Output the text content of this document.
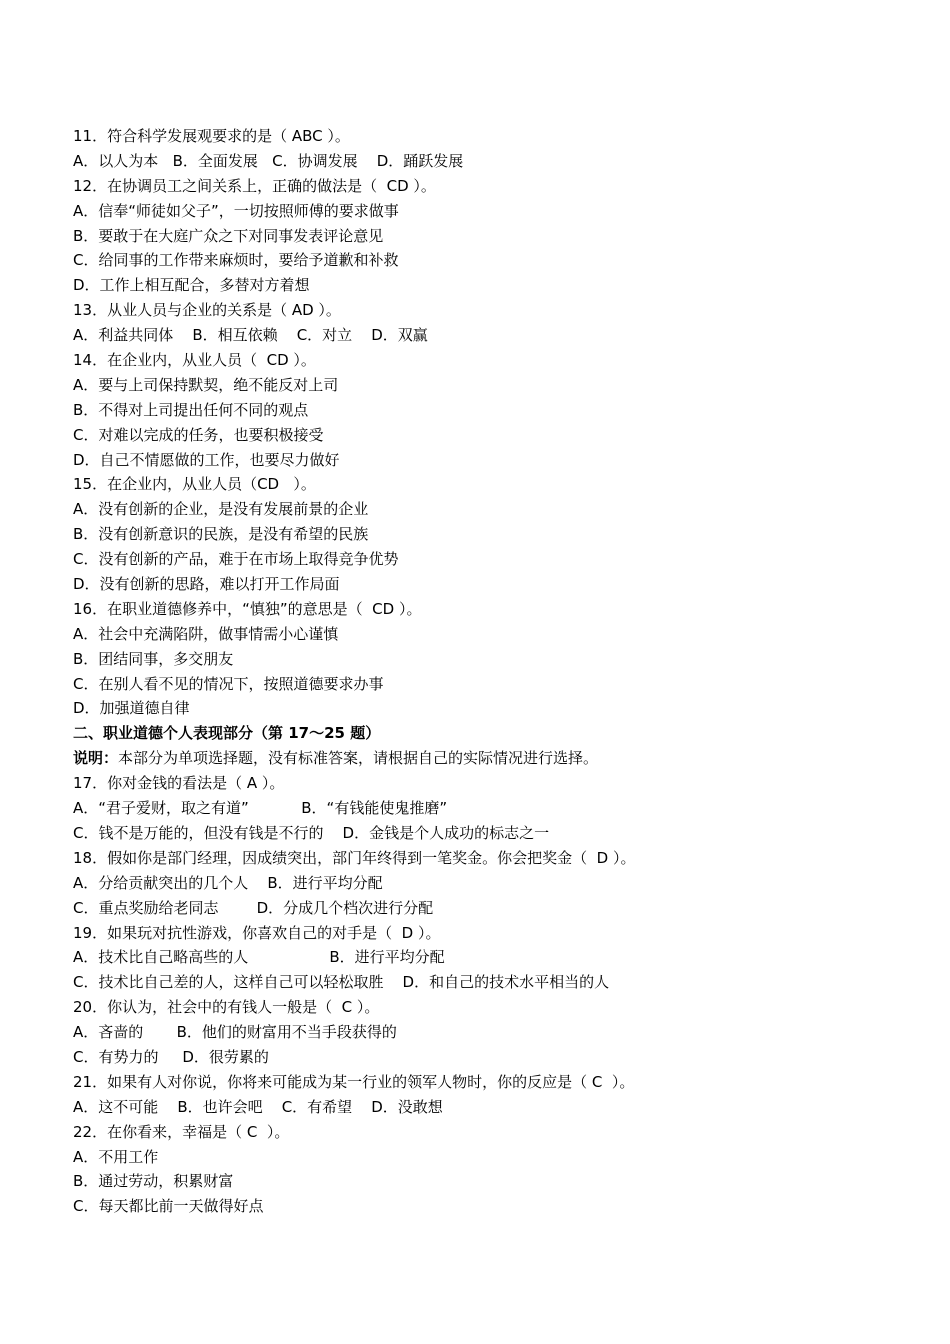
11．符合科学发展观要求的是（ ABC ）。
A．以人为本   B．全面发展   C．协调发展    D．踊跃发展
12．在协调员工之间关系上，正确的做法是（  CD ）。
A．信奉“师徒如父子”，一切按照师傅的要求做事
B．要敢于在大庭广众之下对同事发表评论意见
C．给同事的工作带来麻烦时，要给予道歉和补救
D．工作上相互配合，多替对方着想
13．从业人员与企业的关系是（ AD ）。
A．利益共同体    B．相互依赖    C．对立    D．双赢
14．在企业内，从业人员（  CD ）。
A．要与上司保持默契，绝不能反对上司
B．不得对上司提出任何不同的观点
C．对难以完成的任务，也要积极接受
D．自己不情愿做的工作，也要尽力做好
15．在企业内，从业人员（CD   ）。
A．没有创新的企业，是没有发展前景的企业
B．没有创新意识的民族，是没有希望的民族
C．没有创新的产品，难于在市场上取得竞争优势
D．没有创新的思路，难以打开工作局面
16．在职业道德修养中，“慎独”的意思是（  CD ）。
A．社会中充满陷阱，做事情需小心谨慎
B．团结同事，多交朋友
C．在别人看不见的情况下，按照道德要求办事
D．加强道德自律
二、职业道德个人表现部分（第 17～25 题）
说明：本部分为单项选择题，没有标准答案，请根据自己的实际情况进行选择。
17．你对金钱的看法是（ A ）。
A．“君子爱财，取之有道”           B．“有钱能使鬼推磨”
C．钱不是万能的，但没有钱是不行的    D．金钱是个人成功的标志之一
18．假如你是部门经理，因成绩突出，部门年终得到一笔奖金。你会把奖金（  D ）。
A．分给贡献突出的几个人    B．进行平均分配
C．重点奖励给老同志        D．分成几个档次进行分配
19．如果玩对抗性游戏，你喜欢自己的对手是（  D ）。
A．技术比自己略高些的人                 B．进行平均分配
C．技术比自己差的人，这样自己可以轻松取胜    D．和自己的技术水平相当的人
20．你认为，社会中的有钱人一般是（  C ）。
A．吝啬的       B．他们的财富用不当手段获得的
C．有势力的     D．很劳累的
21．如果有人对你说，你将来可能成为某一行业的领军人物时，你的反应是（ C  ）。
A．这不可能    B．也许会吧    C．有希望    D．没敢想
22．在你看来，幸福是（ C  ）。
A．不用工作
B．通过劳动，积累财富
C．每天都比前一天做得好点
